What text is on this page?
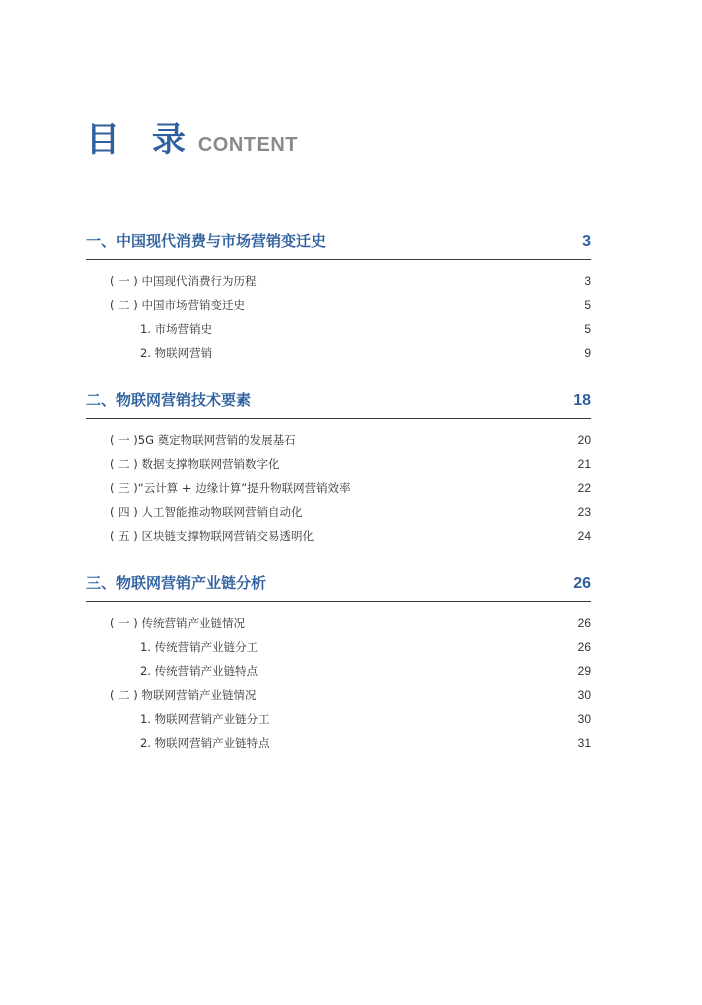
目 录 CONTENT
一、中国现代消费与市场营销变迁史	3
( 一 ) 中国现代消费行为历程	3
( 二 ) 中国市场营销变迁史	5
1. 市场营销史	5
2. 物联网营销	9
二、物联网营销技术要素	18
( 一 )5G 奠定物联网营销的发展基石	20
( 二 ) 数据支撑物联网营销数字化	21
( 三 )“云计算 + 边缘计算”提升物联网营销效率	22
( 四 ) 人工智能推动物联网营销自动化	23
( 五 ) 区块链支撑物联网营销交易透明化	24
三、物联网营销产业链分析	26
( 一 ) 传统营销产业链情况	26
1. 传统营销产业链分工	26
2. 传统营销产业链特点	29
( 二 ) 物联网营销产业链情况	30
1. 物联网营销产业链分工	30
2. 物联网营销产业链特点	31
